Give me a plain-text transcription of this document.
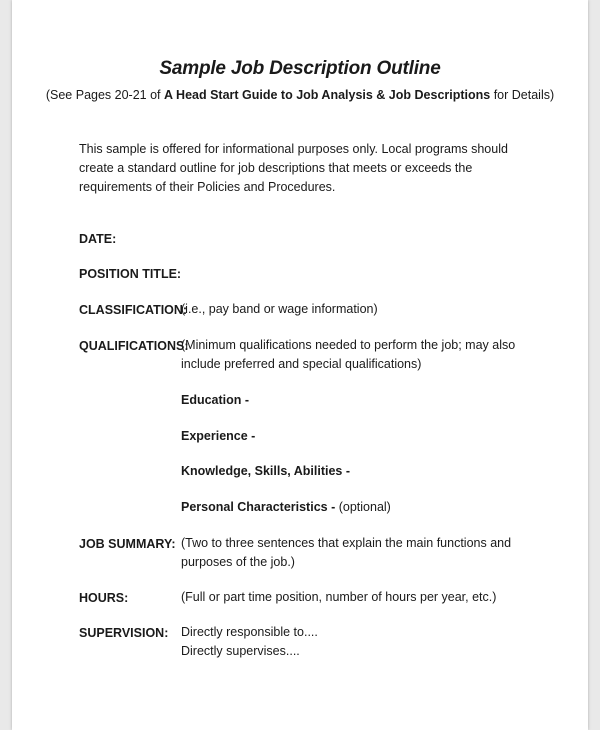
Sample Job Description Outline
(See Pages 20-21 of A Head Start Guide to Job Analysis & Job Descriptions for Details)
This sample is offered for informational purposes only. Local programs should create a standard outline for job descriptions that meets or exceeds the requirements of their Policies and Procedures.
DATE:
POSITION TITLE:
CLASSIFICATION:
(i.e., pay band or wage information)
QUALIFICATIONS:
(Minimum qualifications needed to perform the job; may also include preferred and special qualifications)
Education -
Experience -
Knowledge, Skills, Abilities -
Personal Characteristics - (optional)
JOB SUMMARY: (Two to three sentences that explain the main functions and purposes of the job.)
HOURS:	(Full or part time position, number of hours per year, etc.)
SUPERVISION: Directly responsible to....
Directly supervises....
